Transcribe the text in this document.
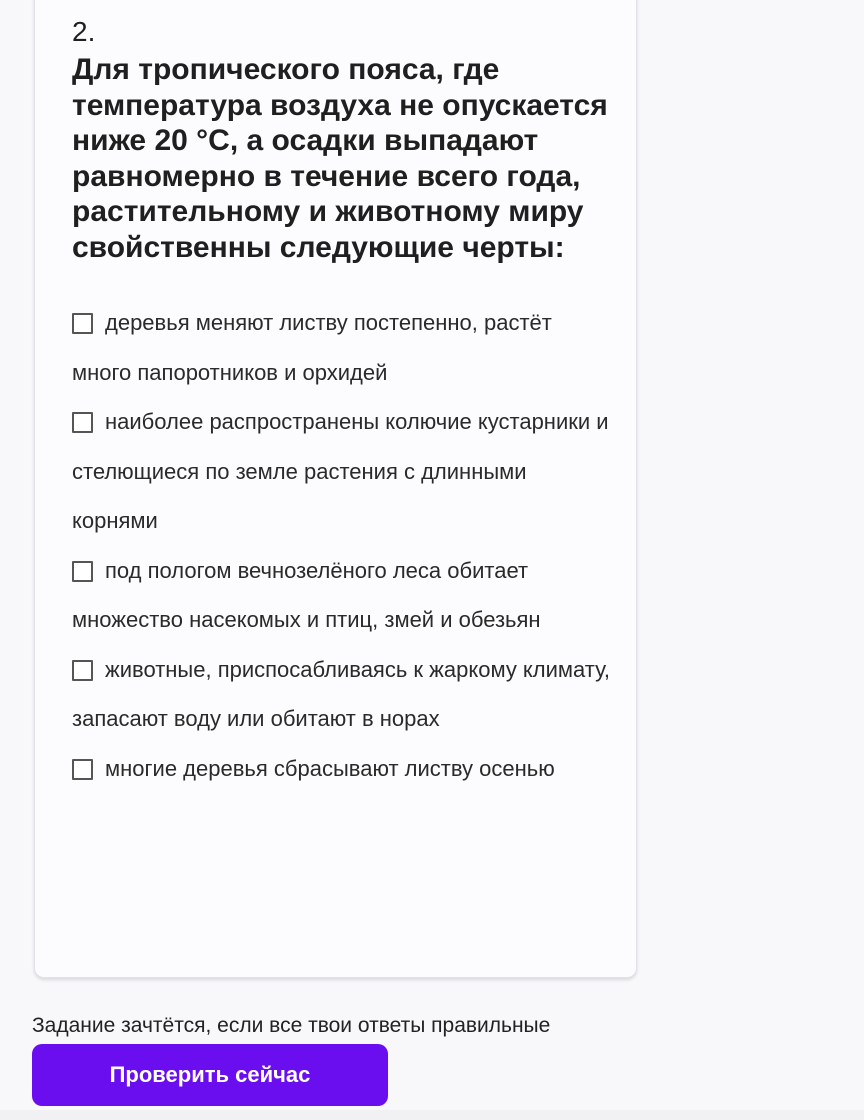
2.
Для тропического пояса, где температура воздуха не опускается ниже 20 °С, а осадки выпадают равномерно в течение всего года, растительному и животному миру свойственны следующие черты:

деревья меняют листву постепенно, растёт много папоротников и орхидей

наиболее распространены колючие кустарники и стелющиеся по земле растения с длинными корнями

под пологом вечнозелёного леса обитает множество насекомых и птиц, змей и обезьян

животные, приспосабливаясь к жаркому климату, запасают воду или обитают в норах

многие деревья сбрасывают листву осенью

Задание зачтётся, если все твои ответы правильные
Проверить сейчас
